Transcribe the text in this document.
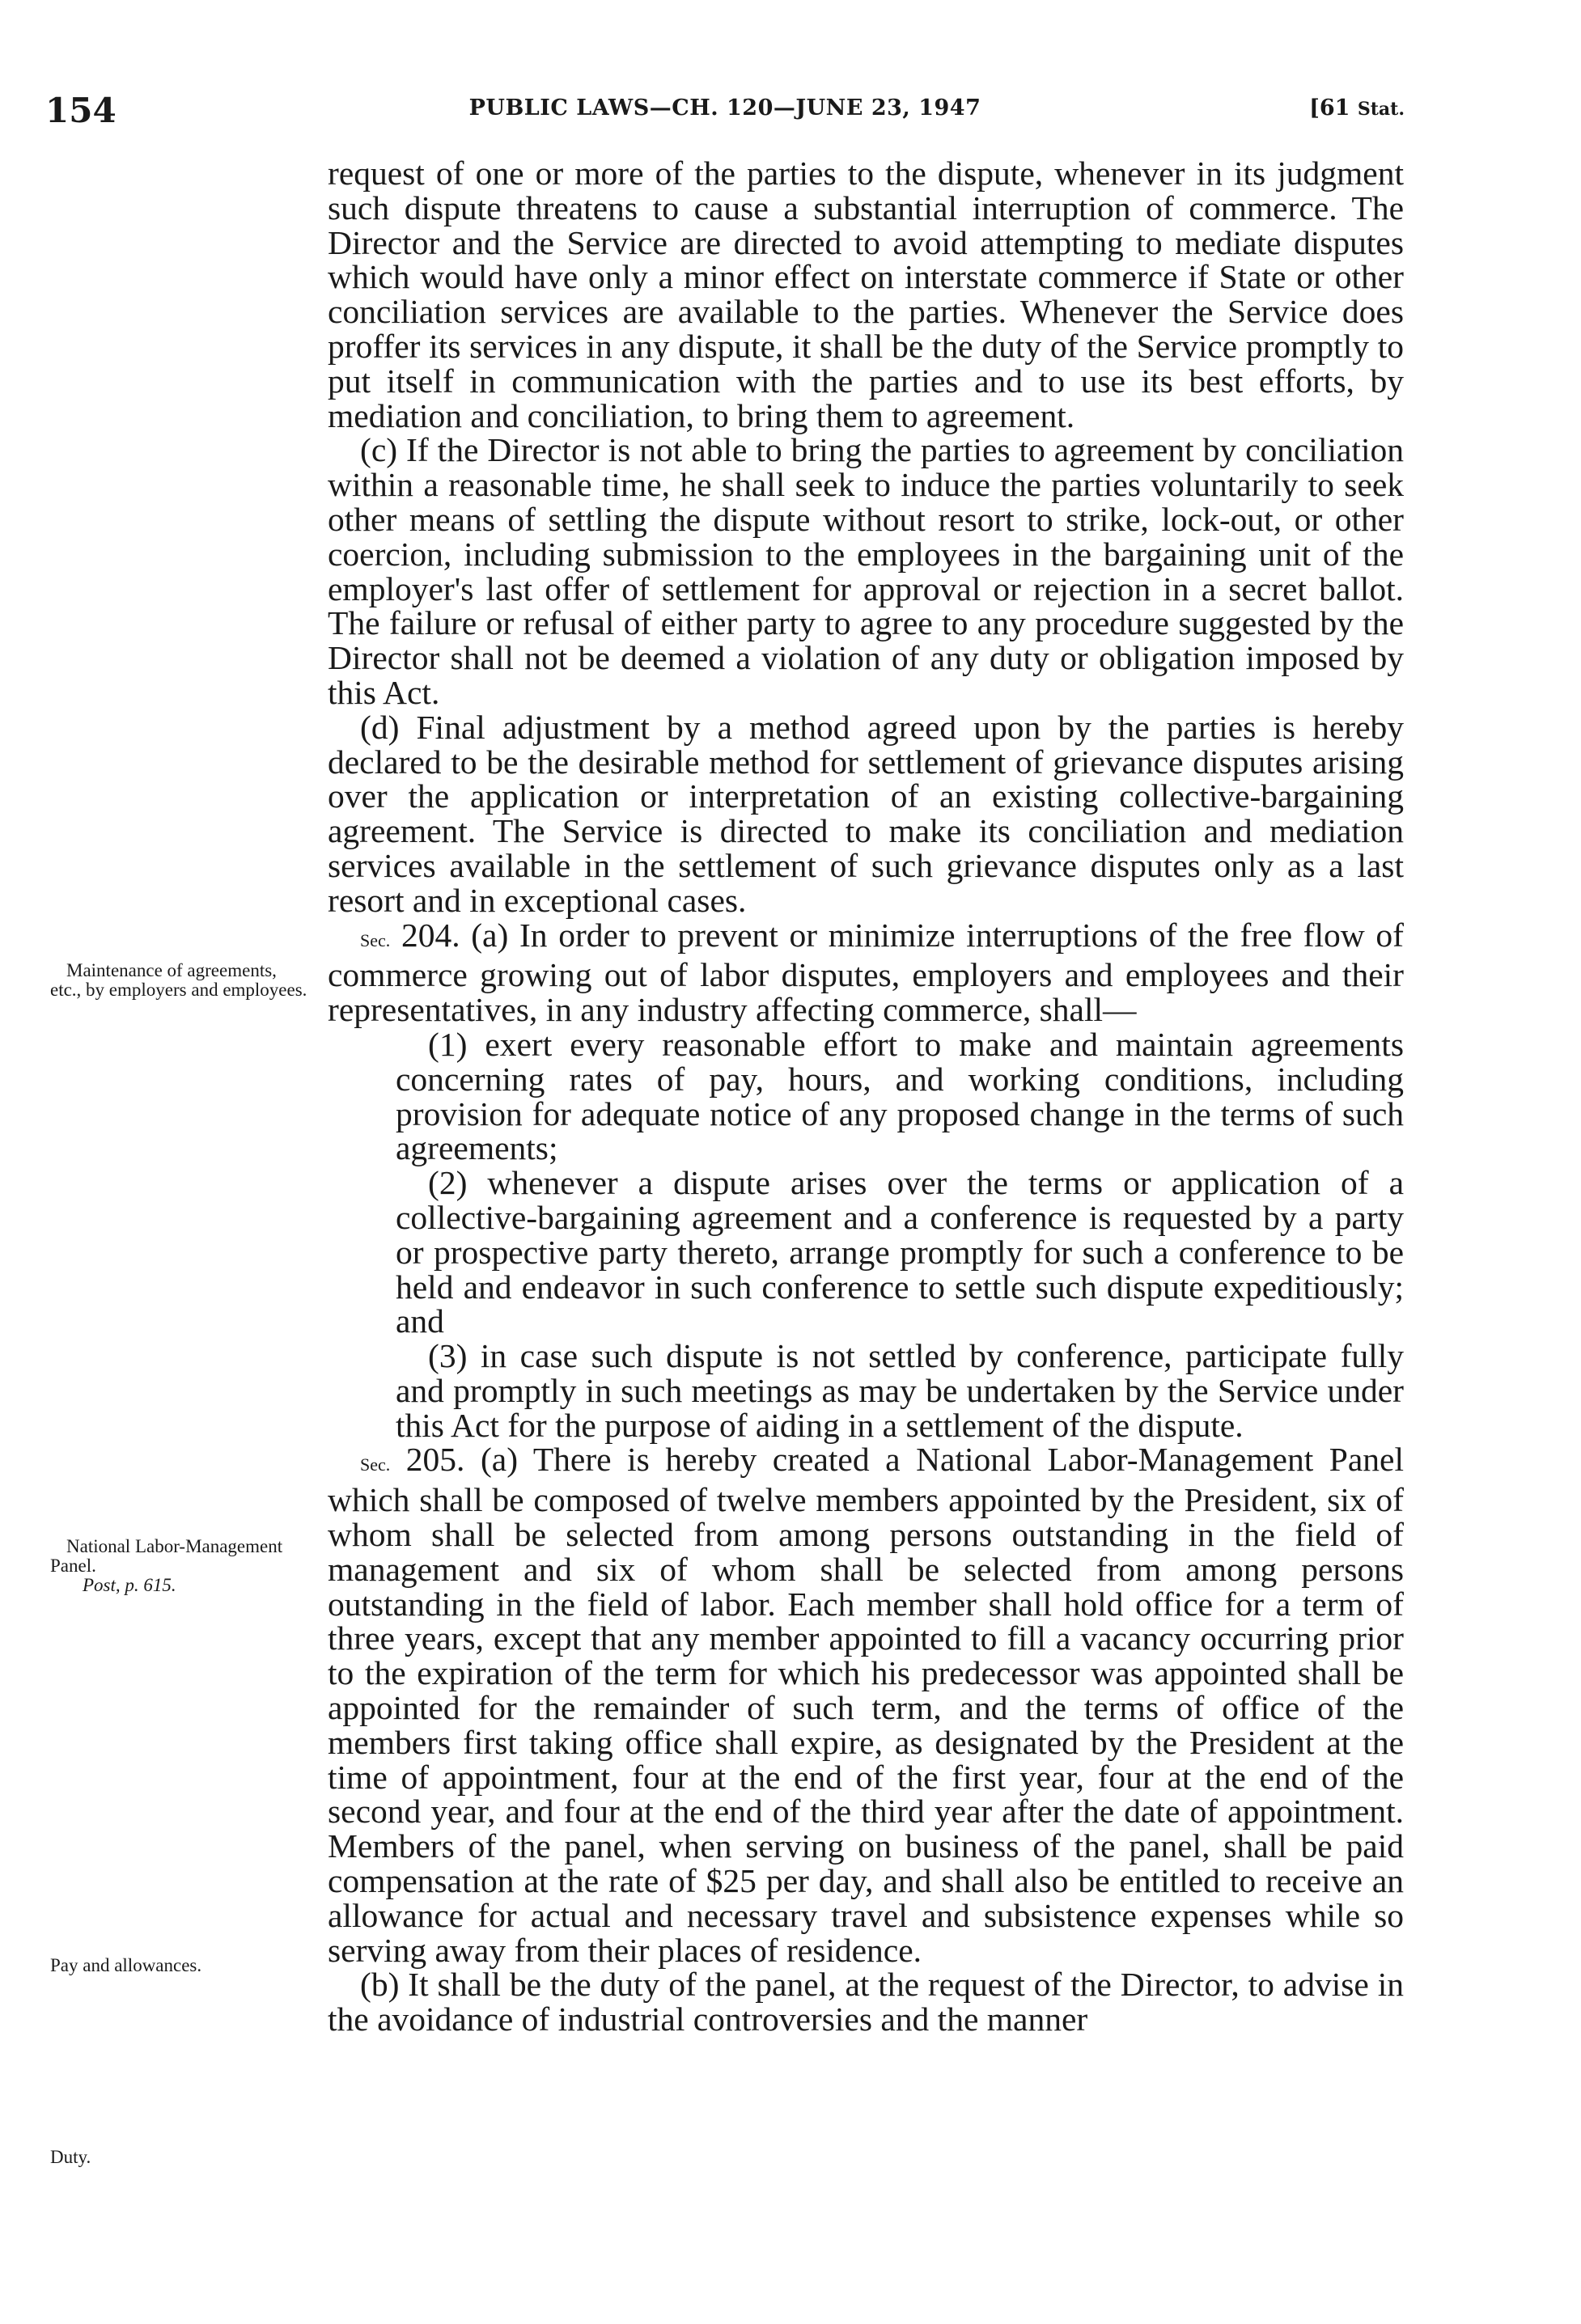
154	PUBLIC LAWS—CH. 120—JUNE 23, 1947	[61 Stat.
Maintenance of agreements, etc., by employers and employees.
National Labor-Management Panel.
Post, p. 615.
Pay and allowances.
Duty.

request of one or more of the parties to the dispute, whenever in its judgment such dispute threatens to cause a substantial interruption of commerce. The Director and the Service are directed to avoid attempting to mediate disputes which would have only a minor effect on interstate commerce if State or other conciliation services are available to the parties. Whenever the Service does proffer its services in any dispute, it shall be the duty of the Service promptly to put itself in communication with the parties and to use its best efforts, by mediation and conciliation, to bring them to agreement.

(c) If the Director is not able to bring the parties to agreement by conciliation within a reasonable time, he shall seek to induce the parties voluntarily to seek other means of settling the dispute without resort to strike, lock-out, or other coercion, including submission to the employees in the bargaining unit of the employer's last offer of settlement for approval or rejection in a secret ballot. The failure or refusal of either party to agree to any procedure suggested by the Director shall not be deemed a violation of any duty or obligation imposed by this Act.

(d) Final adjustment by a method agreed upon by the parties is hereby declared to be the desirable method for settlement of grievance disputes arising over the application or interpretation of an existing collective-bargaining agreement. The Service is directed to make its conciliation and mediation services available in the settlement of such grievance disputes only as a last resort and in exceptional cases.

Sec. 204. (a) In order to prevent or minimize interruptions of the free flow of commerce growing out of labor disputes, employers and employees and their representatives, in any industry affecting commerce, shall—

(1) exert every reasonable effort to make and maintain agreements concerning rates of pay, hours, and working conditions, including provision for adequate notice of any proposed change in the terms of such agreements;

(2) whenever a dispute arises over the terms or application of a collective-bargaining agreement and a conference is requested by a party or prospective party thereto, arrange promptly for such a conference to be held and endeavor in such conference to settle such dispute expeditiously; and

(3) in case such dispute is not settled by conference, participate fully and promptly in such meetings as may be undertaken by the Service under this Act for the purpose of aiding in a settlement of the dispute.

Sec. 205. (a) There is hereby created a National Labor-Management Panel which shall be composed of twelve members appointed by the President, six of whom shall be selected from among persons outstanding in the field of management and six of whom shall be selected from among persons outstanding in the field of labor. Each member shall hold office for a term of three years, except that any member appointed to fill a vacancy occurring prior to the expiration of the term for which his predecessor was appointed shall be appointed for the remainder of such term, and the terms of office of the members first taking office shall expire, as designated by the President at the time of appointment, four at the end of the first year, four at the end of the second year, and four at the end of the third year after the date of appointment. Members of the panel, when serving on business of the panel, shall be paid compensation at the rate of $25 per day, and shall also be entitled to receive an allowance for actual and necessary travel and subsistence expenses while so serving away from their places of residence.

(b) It shall be the duty of the panel, at the request of the Director, to advise in the avoidance of industrial controversies and the manner
